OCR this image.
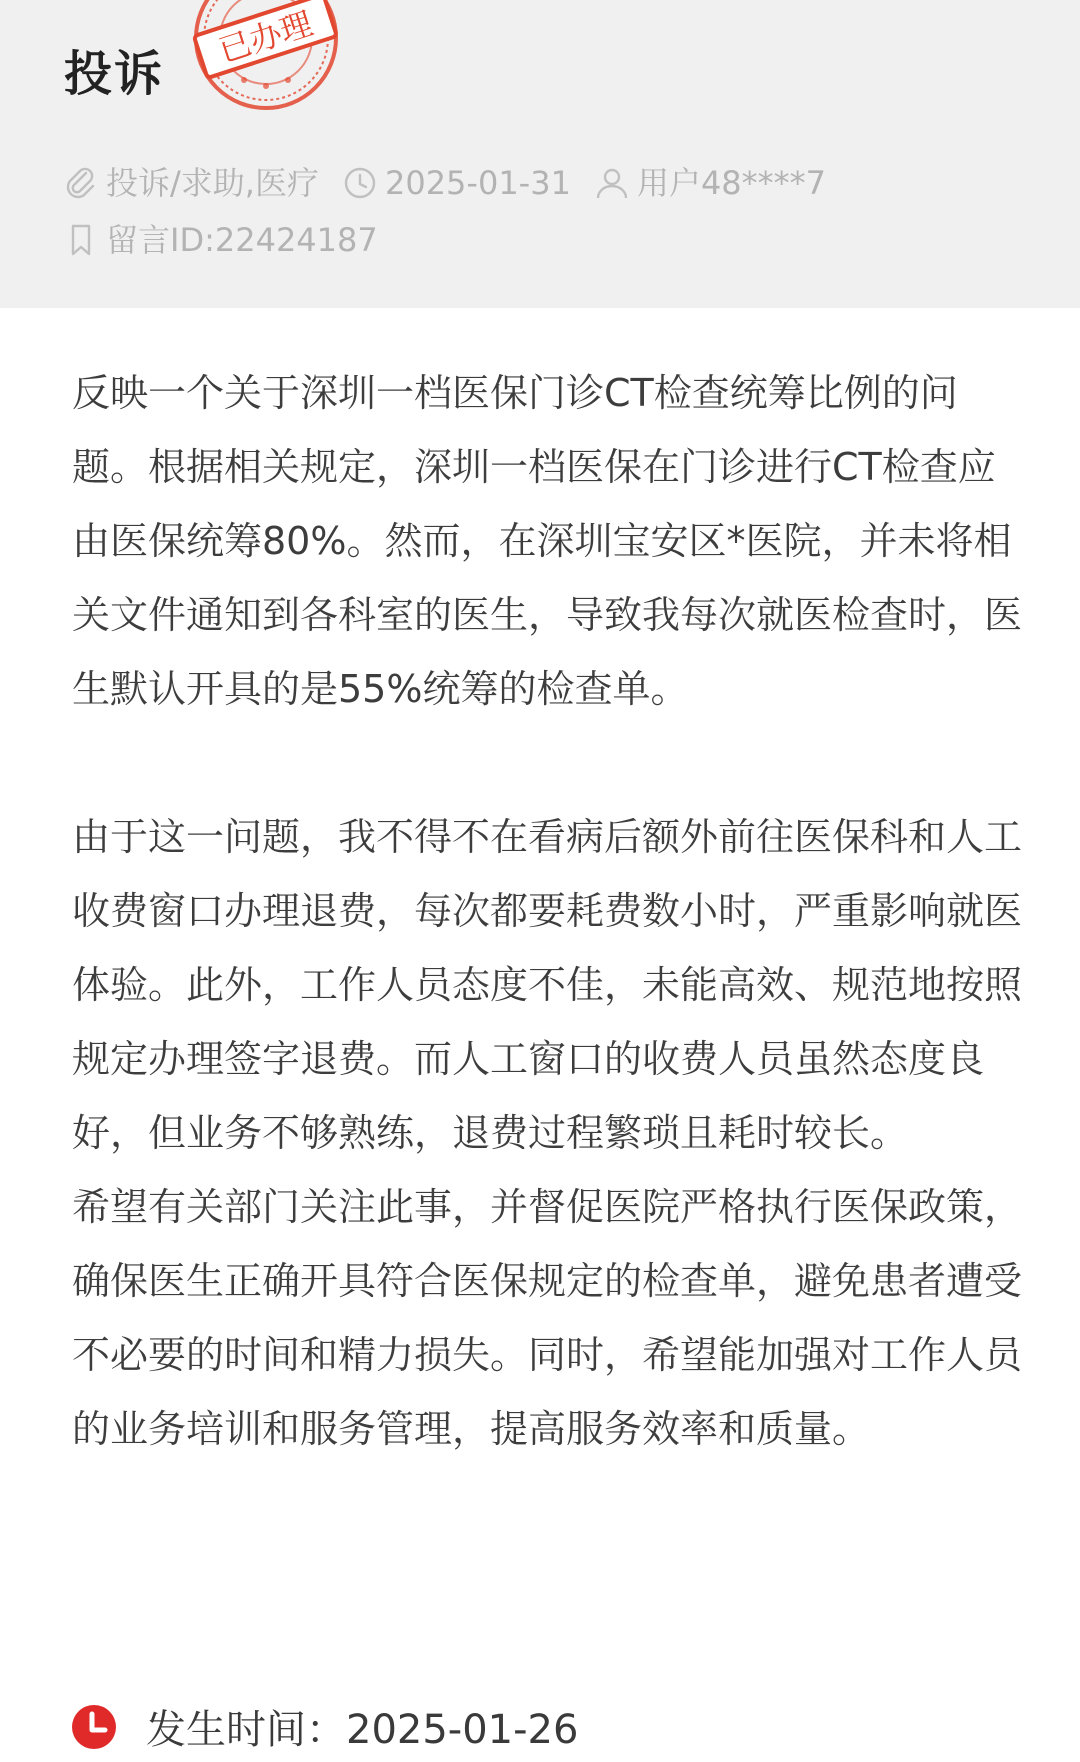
投诉
已办理
投诉/求助,医疗 2025-01-31 用户48****7
留言ID:22424187

反映一个关于深圳一档医保门诊CT检查统筹比例的问题。根据相关规定，深圳一档医保在门诊进行CT检查应由医保统筹80%。然而，在深圳宝安区*医院，并未将相关文件通知到各科室的医生，导致我每次就医检查时，医生默认开具的是55%统筹的检查单。

由于这一问题，我不得不在看病后额外前往医保科和人工收费窗口办理退费，每次都要耗费数小时，严重影响就医体验。此外，工作人员态度不佳，未能高效、规范地按照规定办理签字退费。而人工窗口的收费人员虽然态度良好，但业务不够熟练，退费过程繁琐且耗时较长。

希望有关部门关注此事，并督促医院严格执行医保政策，确保医生正确开具符合医保规定的检查单，避免患者遭受不必要的时间和精力损失。同时，希望能加强对工作人员的业务培训和服务管理，提高服务效率和质量。

发生时间：2025-01-26
